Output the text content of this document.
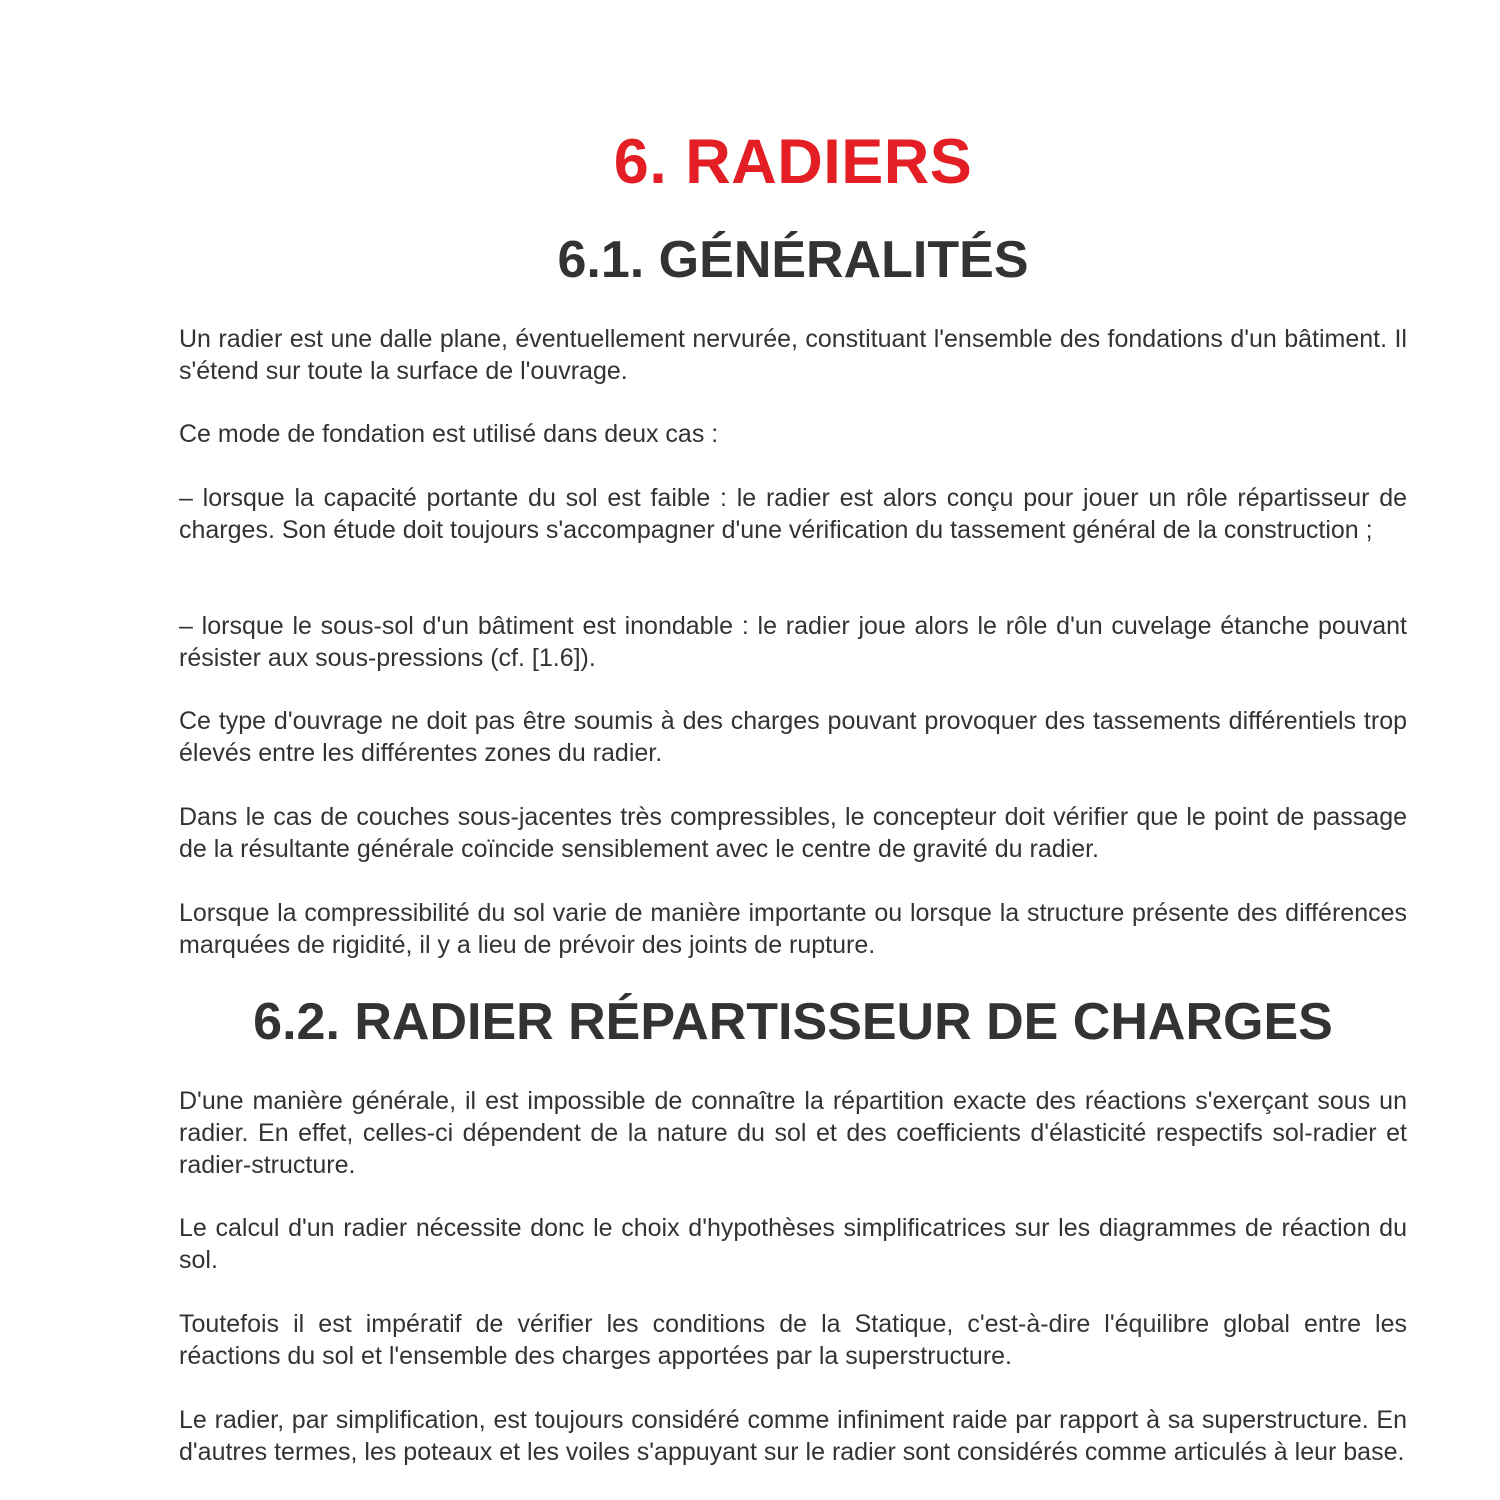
6. RADIERS
6.1. GÉNÉRALITÉS

Un radier est une dalle plane, éventuellement nervurée, constituant l'ensemble des fondations d'un bâtiment. Il s'étend sur toute la surface de l'ouvrage.

Ce mode de fondation est utilisé dans deux cas :

– lorsque la capacité portante du sol est faible : le radier est alors conçu pour jouer un rôle répartisseur de charges. Son étude doit toujours s'accompagner d'une vérification du tassement général de la construction ;

– lorsque le sous-sol d'un bâtiment est inondable : le radier joue alors le rôle d'un cuvelage étanche pouvant résister aux sous-pressions (cf. [1.6]).

Ce type d'ouvrage ne doit pas être soumis à des charges pouvant provoquer des tassements différentiels trop élevés entre les différentes zones du radier.

Dans le cas de couches sous-jacentes très compressibles, le concepteur doit vérifier que le point de passage de la résultante générale coïncide sensiblement avec le centre de gravité du radier.

Lorsque la compressibilité du sol varie de manière importante ou lorsque la structure présente des différences marquées de rigidité, il y a lieu de prévoir des joints de rupture.

6.2. RADIER RÉPARTISSEUR DE CHARGES

D'une manière générale, il est impossible de connaître la répartition exacte des réactions s'exerçant sous un radier. En effet, celles-ci dépendent de la nature du sol et des coefficients d'élasticité respectifs sol-radier et radier-structure.

Le calcul d'un radier nécessite donc le choix d'hypothèses simplificatrices sur les diagrammes de réaction du sol.

Toutefois il est impératif de vérifier les conditions de la Statique, c'est-à-dire l'équilibre global entre les réactions du sol et l'ensemble des charges apportées par la superstructure.

Le radier, par simplification, est toujours considéré comme infiniment raide par rapport à sa superstructure. En d'autres termes, les poteaux et les voiles s'appuyant sur le radier sont considérés comme articulés à leur base.
